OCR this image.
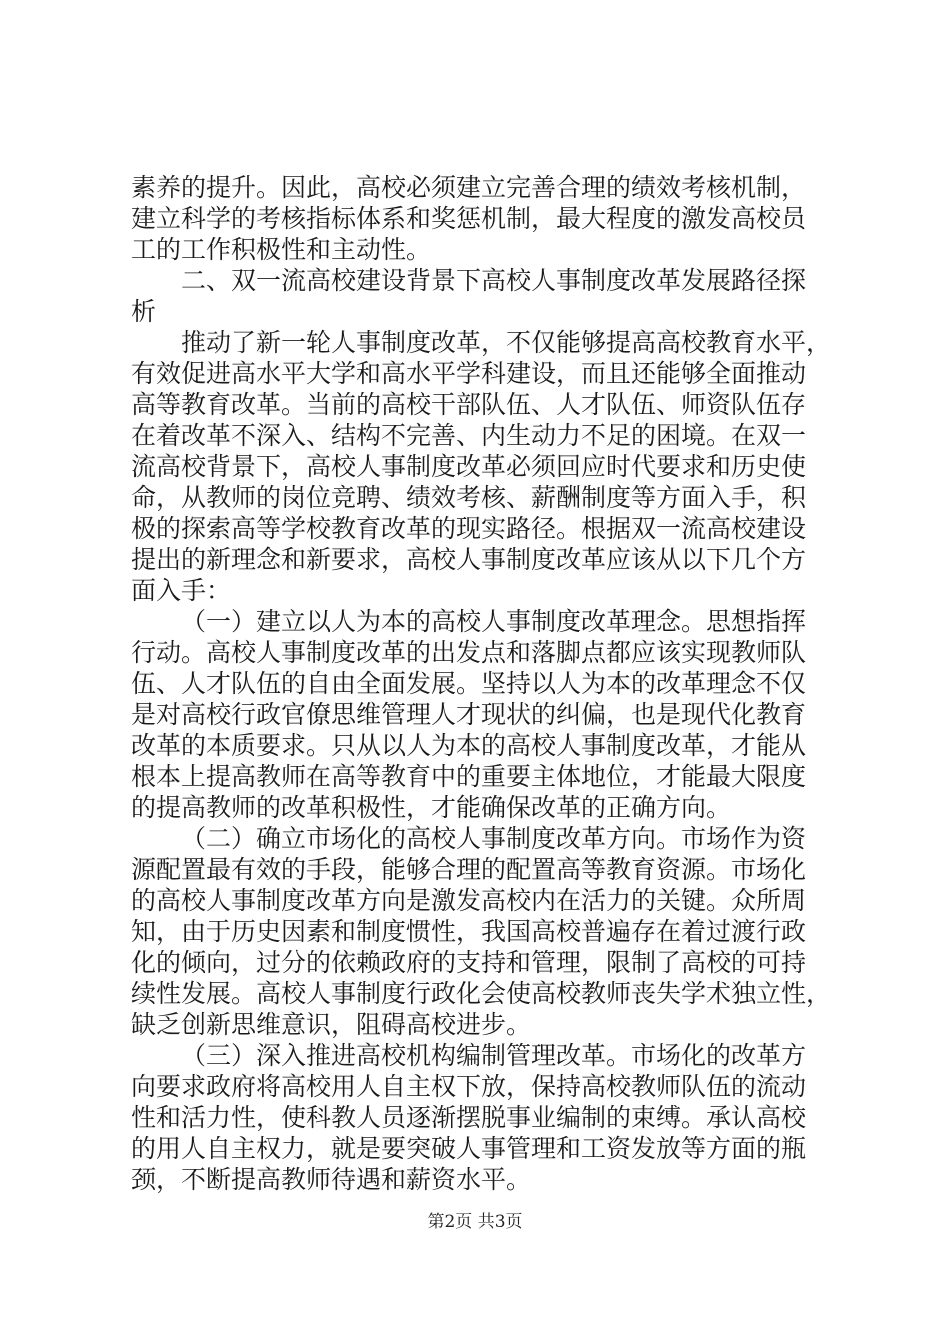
素养的提升。因此，高校必须建立完善合理的绩效考核机制，

建立科学的考核指标体系和奖惩机制，最大程度的激发高校员

工的工作积极性和主动性。

二、双一流高校建设背景下高校人事制度改革发展路径探

析

推动了新一轮人事制度改革，不仅能够提高高校教育水平，

有效促进高水平大学和高水平学科建设，而且还能够全面推动

高等教育改革。当前的高校干部队伍、人才队伍、师资队伍存

在着改革不深入、结构不完善、内生动力不足的困境。在双一

流高校背景下，高校人事制度改革必须回应时代要求和历史使

命，从教师的岗位竞聘、绩效考核、薪酬制度等方面入手，积

极的探索高等学校教育改革的现实路径。根据双一流高校建设

提出的新理念和新要求，高校人事制度改革应该从以下几个方

面入手：

（一）建立以人为本的高校人事制度改革理念。思想指挥

行动。高校人事制度改革的出发点和落脚点都应该实现教师队

伍、人才队伍的自由全面发展。坚持以人为本的改革理念不仅

是对高校行政官僚思维管理人才现状的纠偏，也是现代化教育

改革的本质要求。只从以人为本的高校人事制度改革，才能从

根本上提高教师在高等教育中的重要主体地位，才能最大限度

的提高教师的改革积极性，才能确保改革的正确方向。

（二）确立市场化的高校人事制度改革方向。市场作为资

源配置最有效的手段，能够合理的配置高等教育资源。市场化

的高校人事制度改革方向是激发高校内在活力的关键。众所周

知，由于历史因素和制度惯性，我国高校普遍存在着过渡行政

化的倾向，过分的依赖政府的支持和管理，限制了高校的可持

续性发展。高校人事制度行政化会使高校教师丧失学术独立性，

缺乏创新思维意识，阻碍高校进步。

（三）深入推进高校机构编制管理改革。市场化的改革方

向要求政府将高校用人自主权下放，保持高校教师队伍的流动

性和活力性，使科教人员逐渐摆脱事业编制的束缚。承认高校

的用人自主权力，就是要突破人事管理和工资发放等方面的瓶

颈，不断提高教师待遇和薪资水平。

第2页 共3页
